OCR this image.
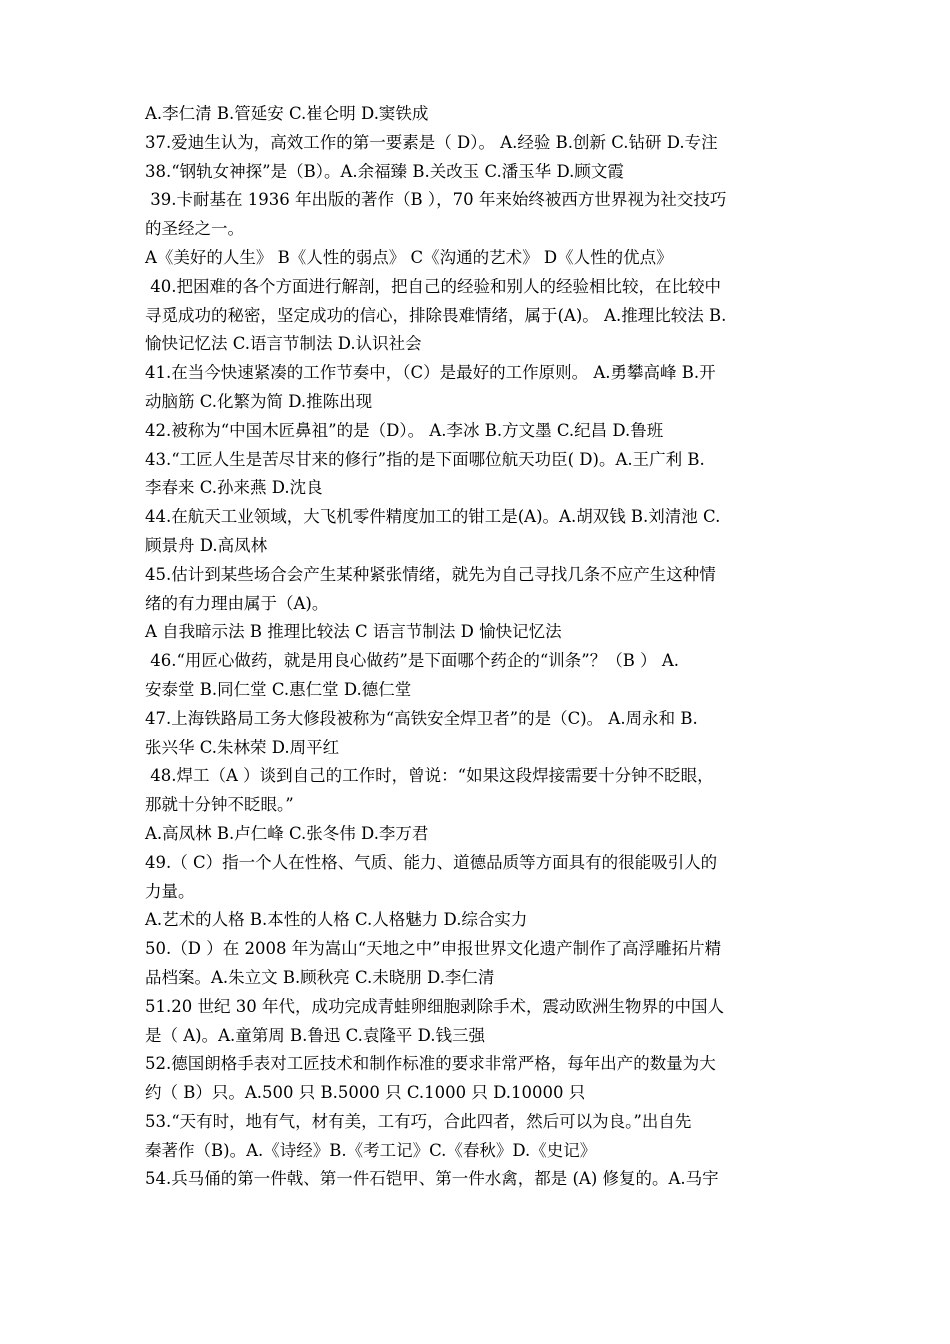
A.李仁清 B.管延安 C.崔仑明 D.窦铁成
37.爱迪生认为，高效工作的第一要素是（ D）。 A.经验 B.创新 C.钻研 D.专注
38.“钢轨女神探”是（B）。A.余福臻 B.关改玉 C.潘玉华 D.顾文霞
39.卡耐基在 1936 年出版的著作（B ），70 年来始终被西方世界视为社交技巧
的圣经之一。
A《美好的人生》 B《人性的弱点》 C《沟通的艺术》 D《人性的优点》
40.把困难的各个方面进行解剖，把自己的经验和别人的经验相比较，在比较中
寻觅成功的秘密，坚定成功的信心，排除畏难情绪，属于(A)。 A.推理比较法 B.
愉快记忆法 C.语言节制法 D.认识社会
41.在当今快速紧凑的工作节奏中，（C）是最好的工作原则。 A.勇攀高峰 B.开
动脑筋 C.化繁为简 D.推陈出现
42.被称为“中国木匠鼻祖”的是（D）。 A.李冰 B.方文墨 C.纪昌 D.鲁班
43.“工匠人生是苦尽甘来的修行”指的是下面哪位航天功臣( D)。A.王广利 B.
李春来 C.孙来燕 D.沈良
44.在航天工业领域，大飞机零件精度加工的钳工是(A)。A.胡双钱 B.刘清池 C.
顾景舟 D.高凤林
45.估计到某些场合会产生某种紧张情绪，就先为自己寻找几条不应产生这种情
绪的有力理由属于（A)。
A 自我暗示法 B 推理比较法 C 语言节制法 D 愉快记忆法
46.“用匠心做药，就是用良心做药”是下面哪个药企的“训条”？（B ） A.
安泰堂 B.同仁堂 C.惠仁堂 D.德仁堂
47.上海铁路局工务大修段被称为“高铁安全焊卫者”的是（C)。 A.周永和 B.
张兴华 C.朱林荣 D.周平红
48.焊工（A ）谈到自己的工作时，曾说：“如果这段焊接需要十分钟不眨眼，
那就十分钟不眨眼。”
A.高凤林 B.卢仁峰 C.张冬伟 D.李万君
49.（ C）指一个人在性格、气质、能力、道德品质等方面具有的很能吸引人的
力量。
A.艺术的人格 B.本性的人格 C.人格魅力 D.综合实力
50.（D ）在 2008 年为嵩山“天地之中”申报世界文化遗产制作了高浮雕拓片精
品档案。A.朱立文 B.顾秋亮 C.未晓朋 D.李仁清
51.20 世纪 30 年代，成功完成青蛙卵细胞剥除手术，震动欧洲生物界的中国人
是（ A)。A.童第周 B.鲁迅 C.袁隆平 D.钱三强
52.德国朗格手表对工匠技术和制作标准的要求非常严格，每年出产的数量为大
约（ B）只。A.500 只 B.5000 只 C.1000 只 D.10000 只
53.“天有时，地有气，材有美，工有巧，合此四者，然后可以为良。”出自先
秦著作（B)。A.《诗经》B.《考工记》C.《春秋》D.《史记》
54.兵马俑的第一件戟、第一件石铠甲、第一件水禽，都是 (A) 修复的。A.马宇
